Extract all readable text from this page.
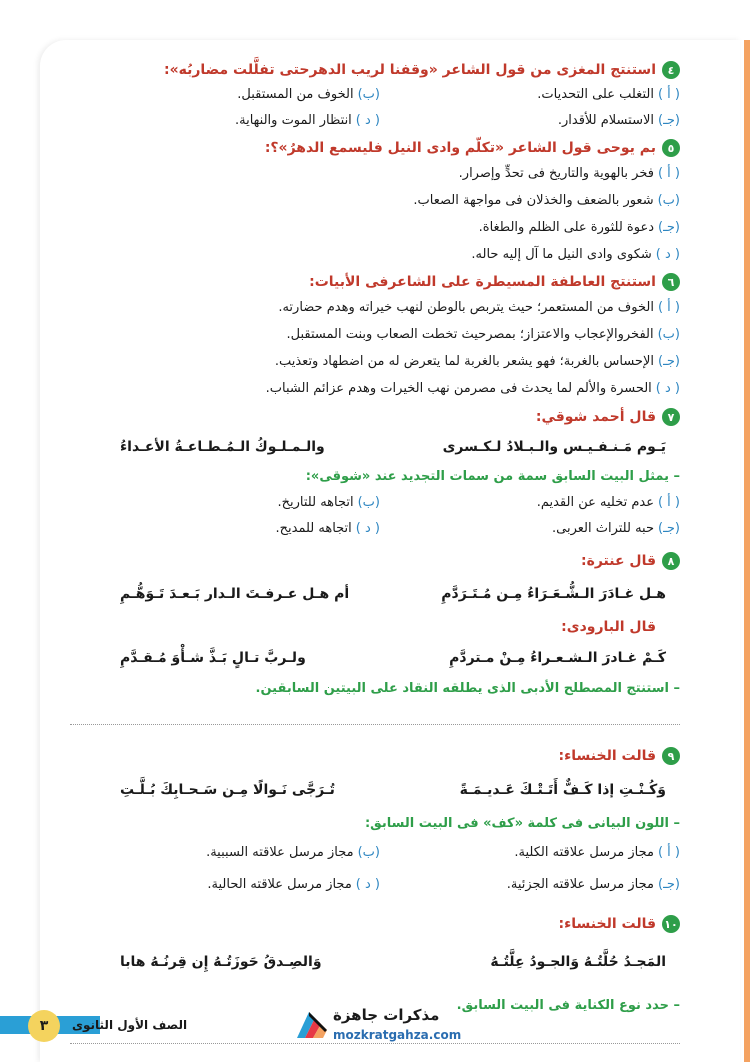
٤
استنتج المغزى من قول الشاعر «وقفنا لريب الدهرحتى تفلَّلت مضاربُه»:
( أ )التغلب على التحديات.
(ب)الخوف من المستقبل.
(جـ)الاستسلام للأقدار.
( د )انتظار الموت والنهاية.
٥
بم يوحى قول الشاعر «تكلّم وادى النيل فليسمع الدهرُ»؟:
( أ )فخر بالهوية والتاريخ فى تحدٍّ وإصرار.
(ب)شعور بالضعف والخذلان فى مواجهة الصعاب.
(جـ)دعوة للثورة على الظلم والطغاة.
( د )شكوى وادى النيل ما آل إليه حاله.
٦
استنتج العاطفة المسيطرة على الشاعرفى الأبيات:
( أ )الخوف من المستعمر؛ حيث يتربص بالوطن لنهب خيراته وهدم حضارته.
(ب)الفخروالإعجاب والاعتزاز؛ بمصرحيث تخطت الصعاب وبنت المستقبل.
(جـ)الإحساس بالغربة؛ فهو يشعر بالغربة لما يتعرض له من اضطهاد وتعذيب.
( د )الحسرة والألم لما يحدث فى مصرمن نهب الخيرات وهدم عزائم الشباب.
٧
قال أحمد شوقي:
يَـوم مَـنـفـيـس والـبـلادُ لـكـسرى
والـمـلـوكُ الـمُـطـاعـةُ الأعـداءُ
– يمثل البيت السابق سمة من سمات التجديد عند «شوقى»:
( أ )عدم تخليه عن القديم.
(ب)اتجاهه للتاريخ.
(جـ)حبه للتراث العربى.
( د )اتجاهه للمديح.
٨
قال عنترة:
هـل غـادَرَ الـشُّـعَـرَاءُ مِـن مُـتَـرَدَّمِ
أم هـل عـرفـتَ الـدار بَـعـدَ تَـوَهُّـمِ
قال البارودى:
كَـمْ غـادرَ الـشـعـراءُ مِـنْ مـتردَّمِ
ولـربَّ تـالٍ بَـذَّ شـأْوَ مُـقـدَّمِ
– استنتج المصطلح الأدبى الذى يطلقه النقاد على البيتين السابقين.
٩
قالت الخنساء:
وَكُـنْـتِ إذا كَـفٌّ أَتَـتْـكَ عَـديـمَـةً
تُـرَجَّى نَـوالًا مِـن سَـحـابِكَ بُـلَّـتِ
– اللون البيانى فى كلمة «كف» فى البيت السابق:
( أ )مجاز مرسل علاقته الكلية.
(ب)مجاز مرسل علاقته السببية.
(جـ)مجاز مرسل علاقته الجزئية.
( د )مجاز مرسل علاقته الحالية.
١٠
قالت الخنساء:
المَجـدُ حُلَّتُـهُ وَالجـودُ عِلَّتُـهُ
وَالصِـدقُ حَوزَتُـهُ إِن قِرنُـهُ هابا
– حدد نوع الكناية فى البيت السابق.
٣	الصف الأول الثانوى
مذكرات جاهزة
mozkratgahza.com
